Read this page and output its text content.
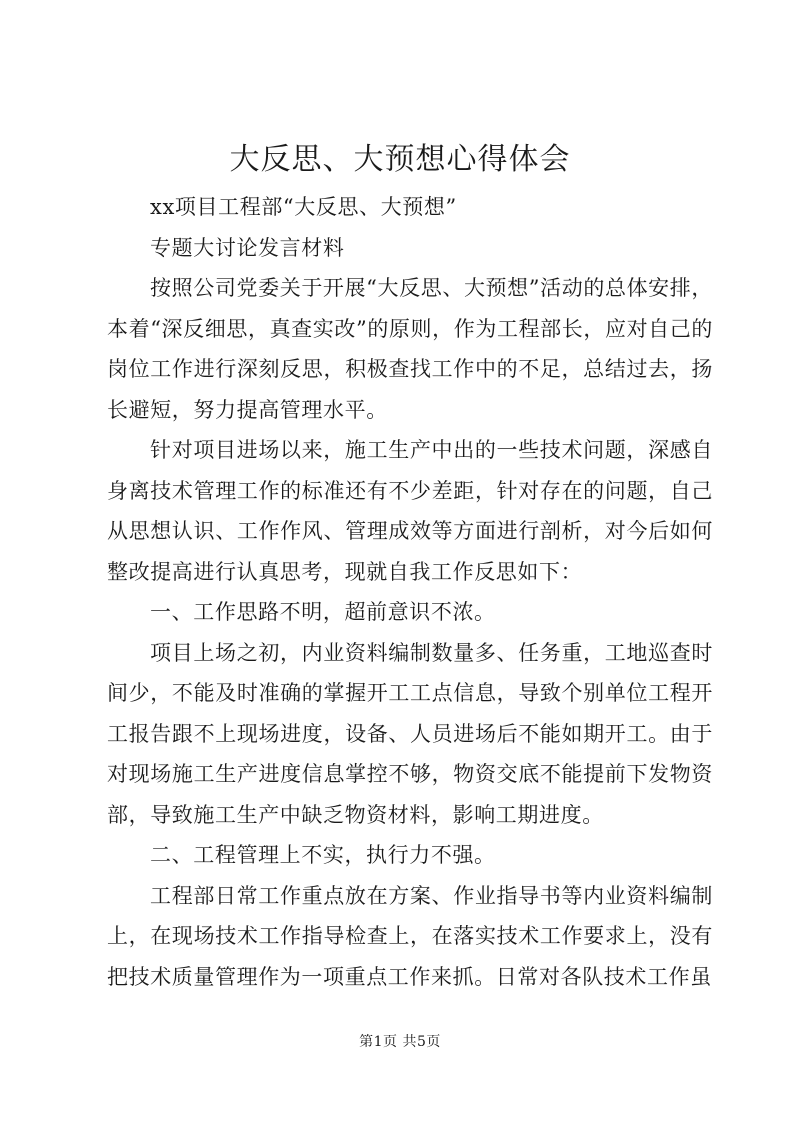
大反思、大预想心得体会

xx项目工程部“大反思、大预想”

专题大讨论发言材料

按照公司党委关于开展“大反思、大预想”活动的总体安排，本着“深反细思，真查实改”的原则，作为工程部长，应对自己的岗位工作进行深刻反思，积极查找工作中的不足，总结过去，扬长避短，努力提高管理水平。

针对项目进场以来，施工生产中出的一些技术问题，深感自身离技术管理工作的标准还有不少差距，针对存在的问题，自己从思想认识、工作作风、管理成效等方面进行剖析，对今后如何整改提高进行认真思考，现就自我工作反思如下：

一、工作思路不明，超前意识不浓。

项目上场之初，内业资料编制数量多、任务重，工地巡查时间少，不能及时准确的掌握开工工点信息，导致个别单位工程开工报告跟不上现场进度，设备、人员进场后不能如期开工。由于对现场施工生产进度信息掌控不够，物资交底不能提前下发物资部，导致施工生产中缺乏物资材料，影响工期进度。

二、工程管理上不实，执行力不强。

工程部日常工作重点放在方案、作业指导书等内业资料编制上，在现场技术工作指导检查上，在落实技术工作要求上，没有把技术质量管理作为一项重点工作来抓。日常对各队技术工作虽

第1页 共5页
